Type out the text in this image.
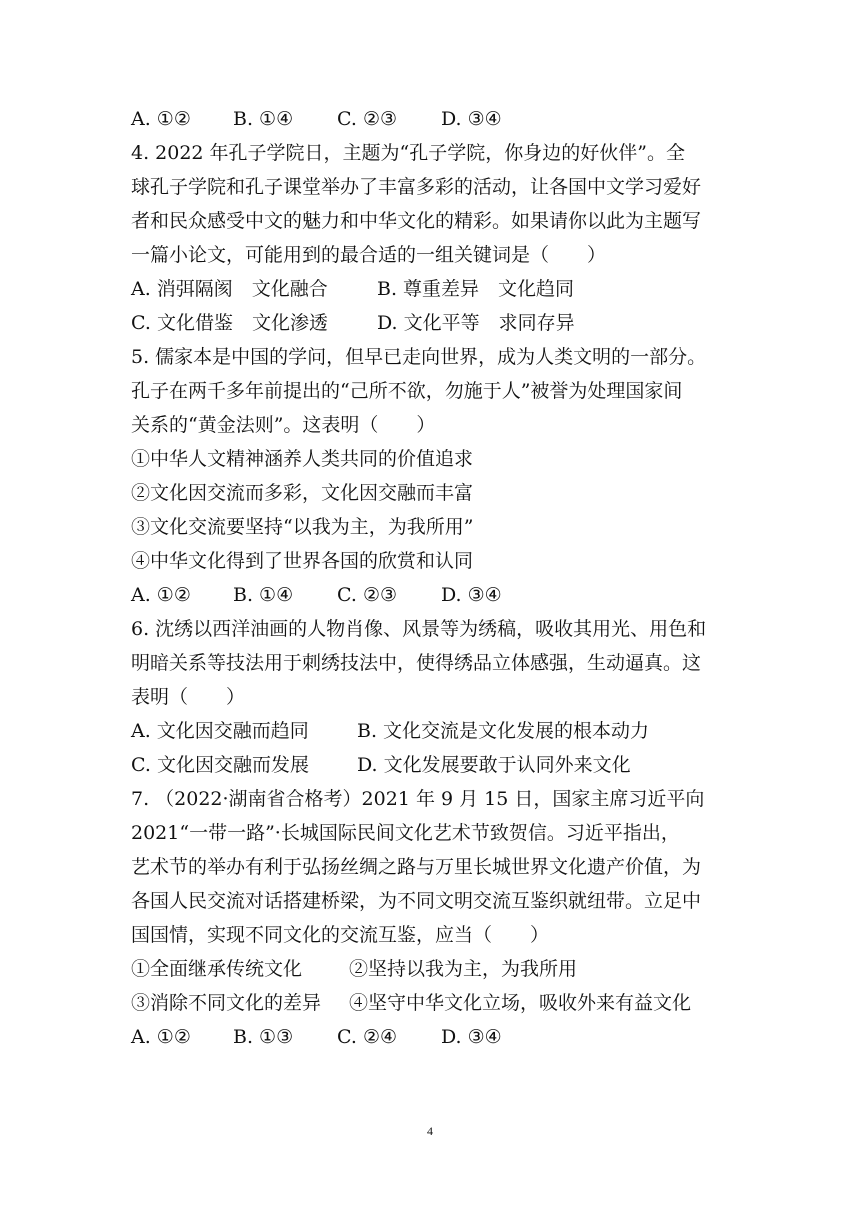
A. ①② B. ①④ C. ②③ D. ③④
4. 2022 年孔子学院日，主题为“孔子学院，你身边的好伙伴”。全
球孔子学院和孔子课堂举办了丰富多彩的活动，让各国中文学习爱好
者和民众感受中文的魅力和中华文化的精彩。如果请你以此为主题写
一篇小论文，可能用到的最合适的一组关键词是（　　）
A. 消弭隔阂　文化融合	B. 尊重差异　文化趋同
C. 文化借鉴　文化渗透	D. 文化平等　求同存异
5. 儒家本是中国的学问，但早已走向世界，成为人类文明的一部分。
孔子在两千多年前提出的“己所不欲，勿施于人”被誉为处理国家间
关系的“黄金法则”。这表明（　　）
①中华人文精神涵养人类共同的价值追求
②文化因交流而多彩，文化因交融而丰富
③文化交流要坚持“以我为主，为我所用”
④中华文化得到了世界各国的欣赏和认同
A. ①② B. ①④ C. ②③ D. ③④
6. 沈绣以西洋油画的人物肖像、风景等为绣稿，吸收其用光、用色和
明暗关系等技法用于刺绣技法中，使得绣品立体感强，生动逼真。这
表明（　　）
A. 文化因交融而趋同	B. 文化交流是文化发展的根本动力
C. 文化因交融而发展	D. 文化发展要敢于认同外来文化
7. （2022·湖南省合格考）2021 年 9 月 15 日，国家主席习近平向
2021“一带一路”·长城国际民间文化艺术节致贺信。习近平指出，
艺术节的举办有利于弘扬丝绸之路与万里长城世界文化遗产价值，为
各国人民交流对话搭建桥梁，为不同文明交流互鉴织就纽带。立足中
国国情，实现不同文化的交流互鉴，应当（　　）
①全面继承传统文化 ②坚持以我为主，为我所用
③消除不同文化的差异 ④坚守中华文化立场，吸收外来有益文化
A. ①② B. ①③ C. ②④ D. ③④
4
